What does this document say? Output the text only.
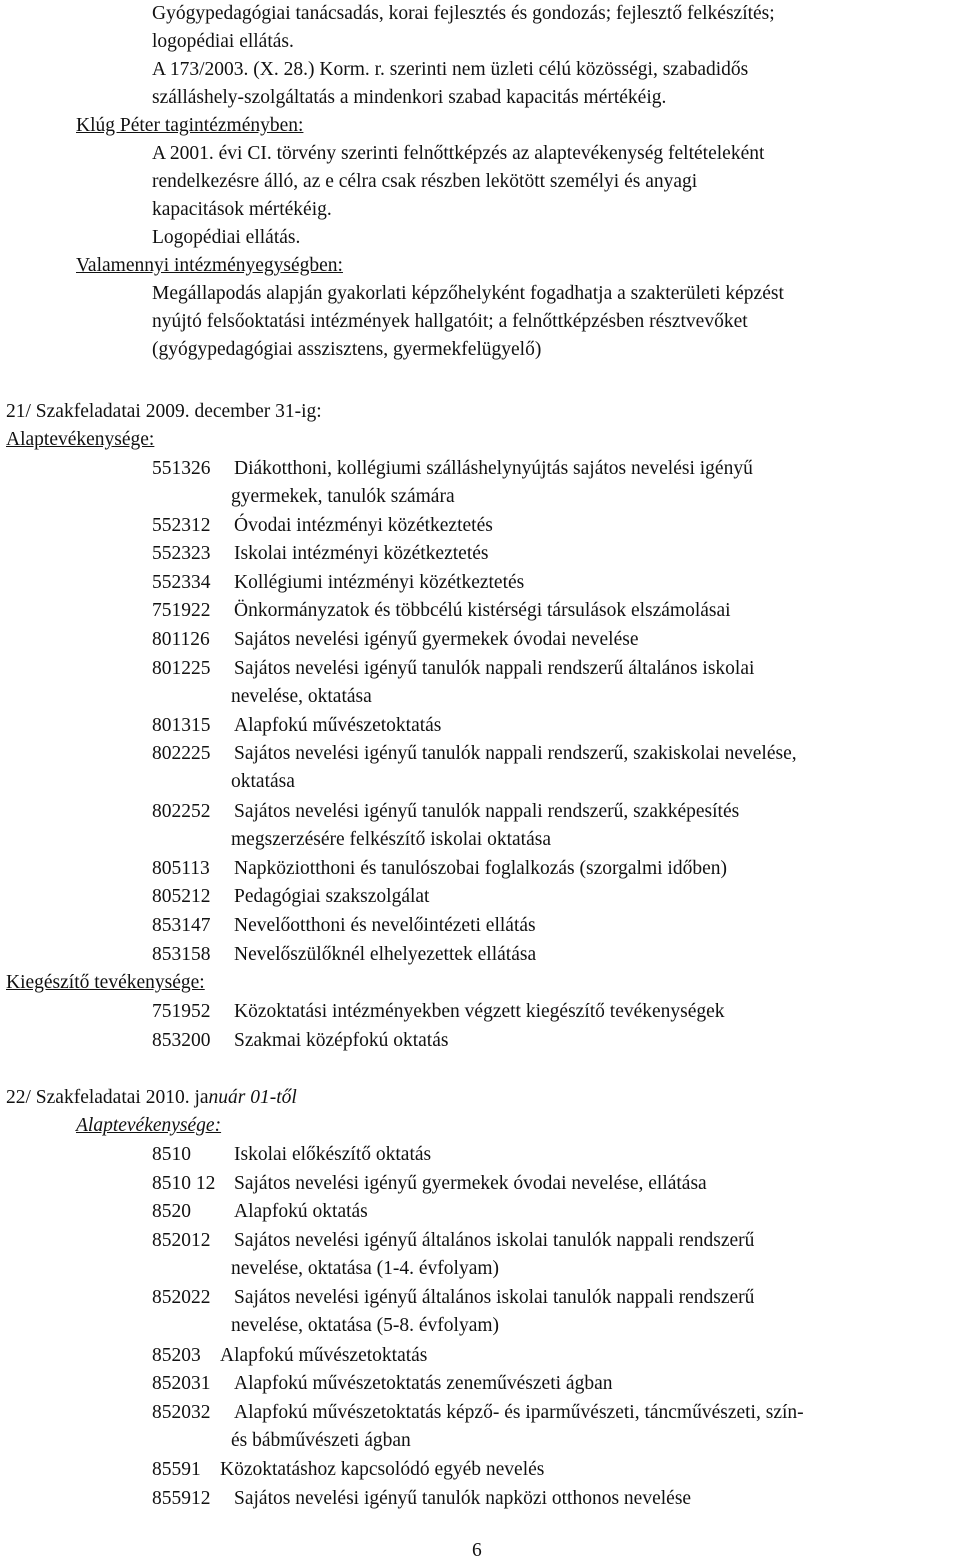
Gyógypedagógiai tanácsadás, korai fejlesztés és gondozás; fejlesztő felkészítés;
logopédiai ellátás.
A 173/2003. (X. 28.) Korm. r. szerinti nem üzleti célú közösségi, szabadidős
szálláshely-szolgáltatás a mindenkori szabad kapacitás mértékéig.
Klúg Péter tagintézményben:
A 2001. évi CI. törvény szerinti felnőttképzés az alaptevékenység feltételeként
rendelkezésre álló, az e célra csak részben lekötött személyi és anyagi
kapacitások mértékéig.
Logopédiai ellátás.
Valamennyi intézményegységben:
Megállapodás alapján gyakorlati képzőhelyként fogadhatja a szakterületi képzést
nyújtó felsőoktatási intézmények hallgatóit; a felnőttképzésben résztvevőket
(gyógypedagógiai asszisztens, gyermekfelügyelő)
21/ Szakfeladatai 2009. december 31-ig:
Alaptevékenysége:
551326 Diákotthoni, kollégiumi szálláshelynyújtás sajátos nevelési igényű
gyermekek, tanulók számára
552312 Óvodai intézményi közétkeztetés
552323 Iskolai intézményi közétkeztetés
552334 Kollégiumi intézményi közétkeztetés
751922 Önkormányzatok és többcélú kistérségi társulások elszámolásai
801126 Sajátos nevelési igényű gyermekek óvodai nevelése
801225 Sajátos nevelési igényű tanulók nappali rendszerű általános iskolai
nevelése, oktatása
801315 Alapfokú művészetoktatás
802225 Sajátos nevelési igényű tanulók nappali rendszerű, szakiskolai nevelése,
oktatása
802252 Sajátos nevelési igényű tanulók nappali rendszerű, szakképesítés
megszerzésére felkészítő iskolai oktatása
805113 Napköziotthoni és tanulószobai foglalkozás (szorgalmi időben)
805212 Pedagógiai szakszolgálat
853147 Nevelőotthoni és nevelőintézeti ellátás
853158 Nevelőszülőknél elhelyezettek ellátása
Kiegészítő tevékenysége:
751952 Közoktatási intézményekben végzett kiegészítő tevékenységek
853200 Szakmai középfokú oktatás
22/ Szakfeladatai 2010. január 01-től
Alaptevékenysége:
8510 Iskolai előkészítő oktatás
8510 12 Sajátos nevelési igényű gyermekek óvodai nevelése, ellátása
8520 Alapfokú oktatás
852012 Sajátos nevelési igényű általános iskolai tanulók nappali rendszerű
nevelése, oktatása (1-4. évfolyam)
852022 Sajátos nevelési igényű általános iskolai tanulók nappali rendszerű
nevelése, oktatása (5-8. évfolyam)
85203 Alapfokú művészetoktatás
852031 Alapfokú művészetoktatás zeneművészeti ágban
852032 Alapfokú művészetoktatás képző- és iparművészeti, táncművészeti, szín-
és bábművészeti ágban
85591 Közoktatáshoz kapcsolódó egyéb nevelés
855912 Sajátos nevelési igényű tanulók napközi otthonos nevelése
6
